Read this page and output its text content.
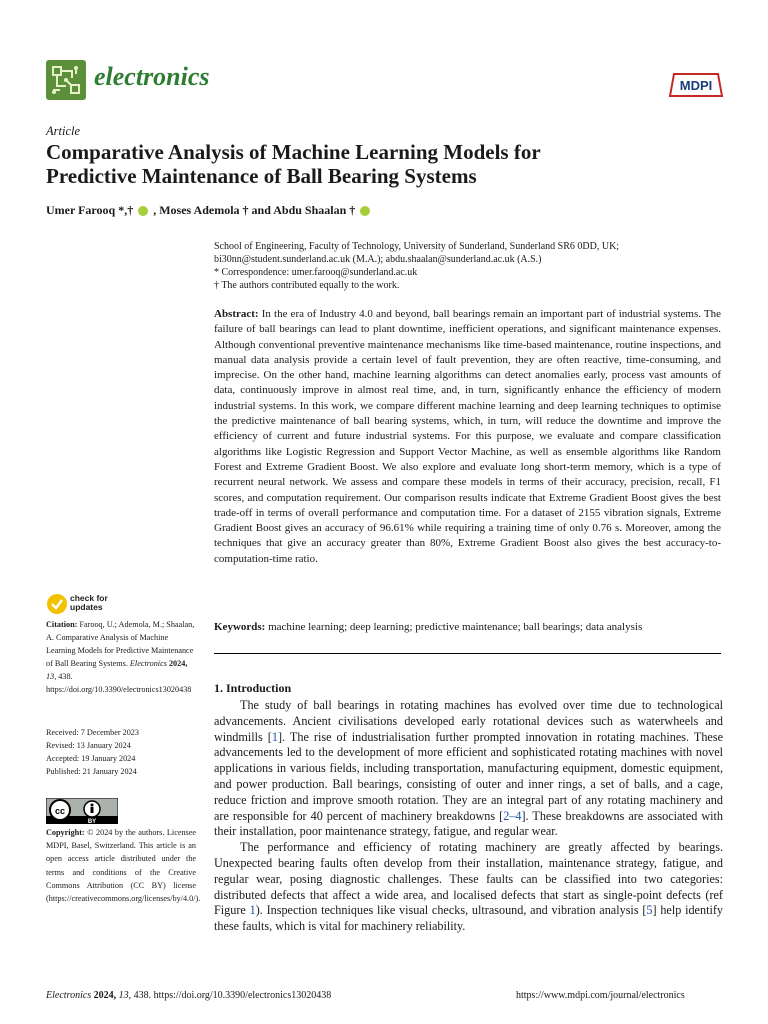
electronics	MDPI
Article
Comparative Analysis of Machine Learning Models for
Predictive Maintenance of Ball Bearing Systems
Umer Farooq *,† , Moses Ademola † and Abdu Shaalan †
School of Engineering, Faculty of Technology, University of Sunderland, Sunderland SR6 0DD, UK;
bi30nn@student.sunderland.ac.uk (M.A.); abdu.shaalan@sunderland.ac.uk (A.S.)
* Correspondence: umer.farooq@sunderland.ac.uk
† The authors contributed equally to the work.
Abstract: In the era of Industry 4.0 and beyond, ball bearings remain an important part of industrial systems. The failure of ball bearings can lead to plant downtime, inefficient operations, and significant maintenance expenses. Although conventional preventive maintenance mechanisms like time-based maintenance, routine inspections, and manual data analysis provide a certain level of fault prevention, they are often reactive, time-consuming, and imprecise. On the other hand, machine learning algorithms can detect anomalies early, process vast amounts of data, continuously improve in almost real time, and, in turn, significantly enhance the efficiency of modern industrial systems. In this work, we compare different machine learning and deep learning techniques to optimise the predictive maintenance of ball bearing systems, which, in turn, will reduce the downtime and improve the efficiency of current and future industrial systems. For this purpose, we evaluate and compare classification algorithms like Logistic Regression and Support Vector Machine, as well as ensemble algorithms like Random Forest and Extreme Gradient Boost. We also explore and evaluate long short-term memory, which is a type of recurrent neural network. We assess and compare these models in terms of their accuracy, precision, recall, F1 scores, and computation requirement. Our comparison results indicate that Extreme Gradient Boost gives the best trade-off in terms of overall performance and computation time. For a dataset of 2155 vibration signals, Extreme Gradient Boost gives an accuracy of 96.61% while requiring a training time of only 0.76 s. Moreover, among the techniques that give an accuracy greater than 80%, Extreme Gradient Boost also gives the best accuracy-to-computation-time ratio.
Keywords: machine learning; deep learning; predictive maintenance; ball bearings; data analysis
check for
updates
Citation: Farooq, U.; Ademola, M.; Shaalan, A. Comparative Analysis of Machine Learning Models for Predictive Maintenance of Ball Bearing Systems. Electronics 2024, 13, 438. https://doi.org/10.3390/electronics13020438
Received: 7 December 2023
Revised: 13 January 2024
Accepted: 19 January 2024
Published: 21 January 2024
cc
BY
Copyright: © 2024 by the authors. Licensee MDPI, Basel, Switzerland. This article is an open access article distributed under the terms and conditions of the Creative Commons Attribution (CC BY) license (https://creativecommons.org/licenses/by/4.0/).
1. Introduction

The study of ball bearings in rotating machines has evolved over time due to technological advancements. Ancient civilisations developed early rotational devices such as waterwheels and windmills [1]. The rise of industrialisation further prompted innovation in rotating machines. These advancements led to the development of more efficient and sophisticated rotating machines with novel applications in various fields, including transportation, manufacturing equipment, domestic equipment, and power production. Ball bearings, consisting of outer and inner rings, a set of balls, and a cage, reduce friction and improve smooth rotation. They are an integral part of any rotating machinery and are responsible for 40 percent of machinery breakdowns [2–4]. These breakdowns are associated with their installation, poor maintenance strategy, fatigue, and regular wear.

The performance and efficiency of rotating machinery are greatly affected by bearings. Unexpected bearing faults often develop from their installation, maintenance strategy, fatigue, and regular wear, posing diagnostic challenges. These faults can be classified into two categories: distributed defects that affect a wide area, and localised defects that start as single-point defects (ref Figure 1). Inspection techniques like visual checks, ultrasound, and vibration analysis [5] help identify these faults, which is vital for machinery reliability.

Electronics 2024, 13, 438. https://doi.org/10.3390/electronics13020438	https://www.mdpi.com/journal/electronics
